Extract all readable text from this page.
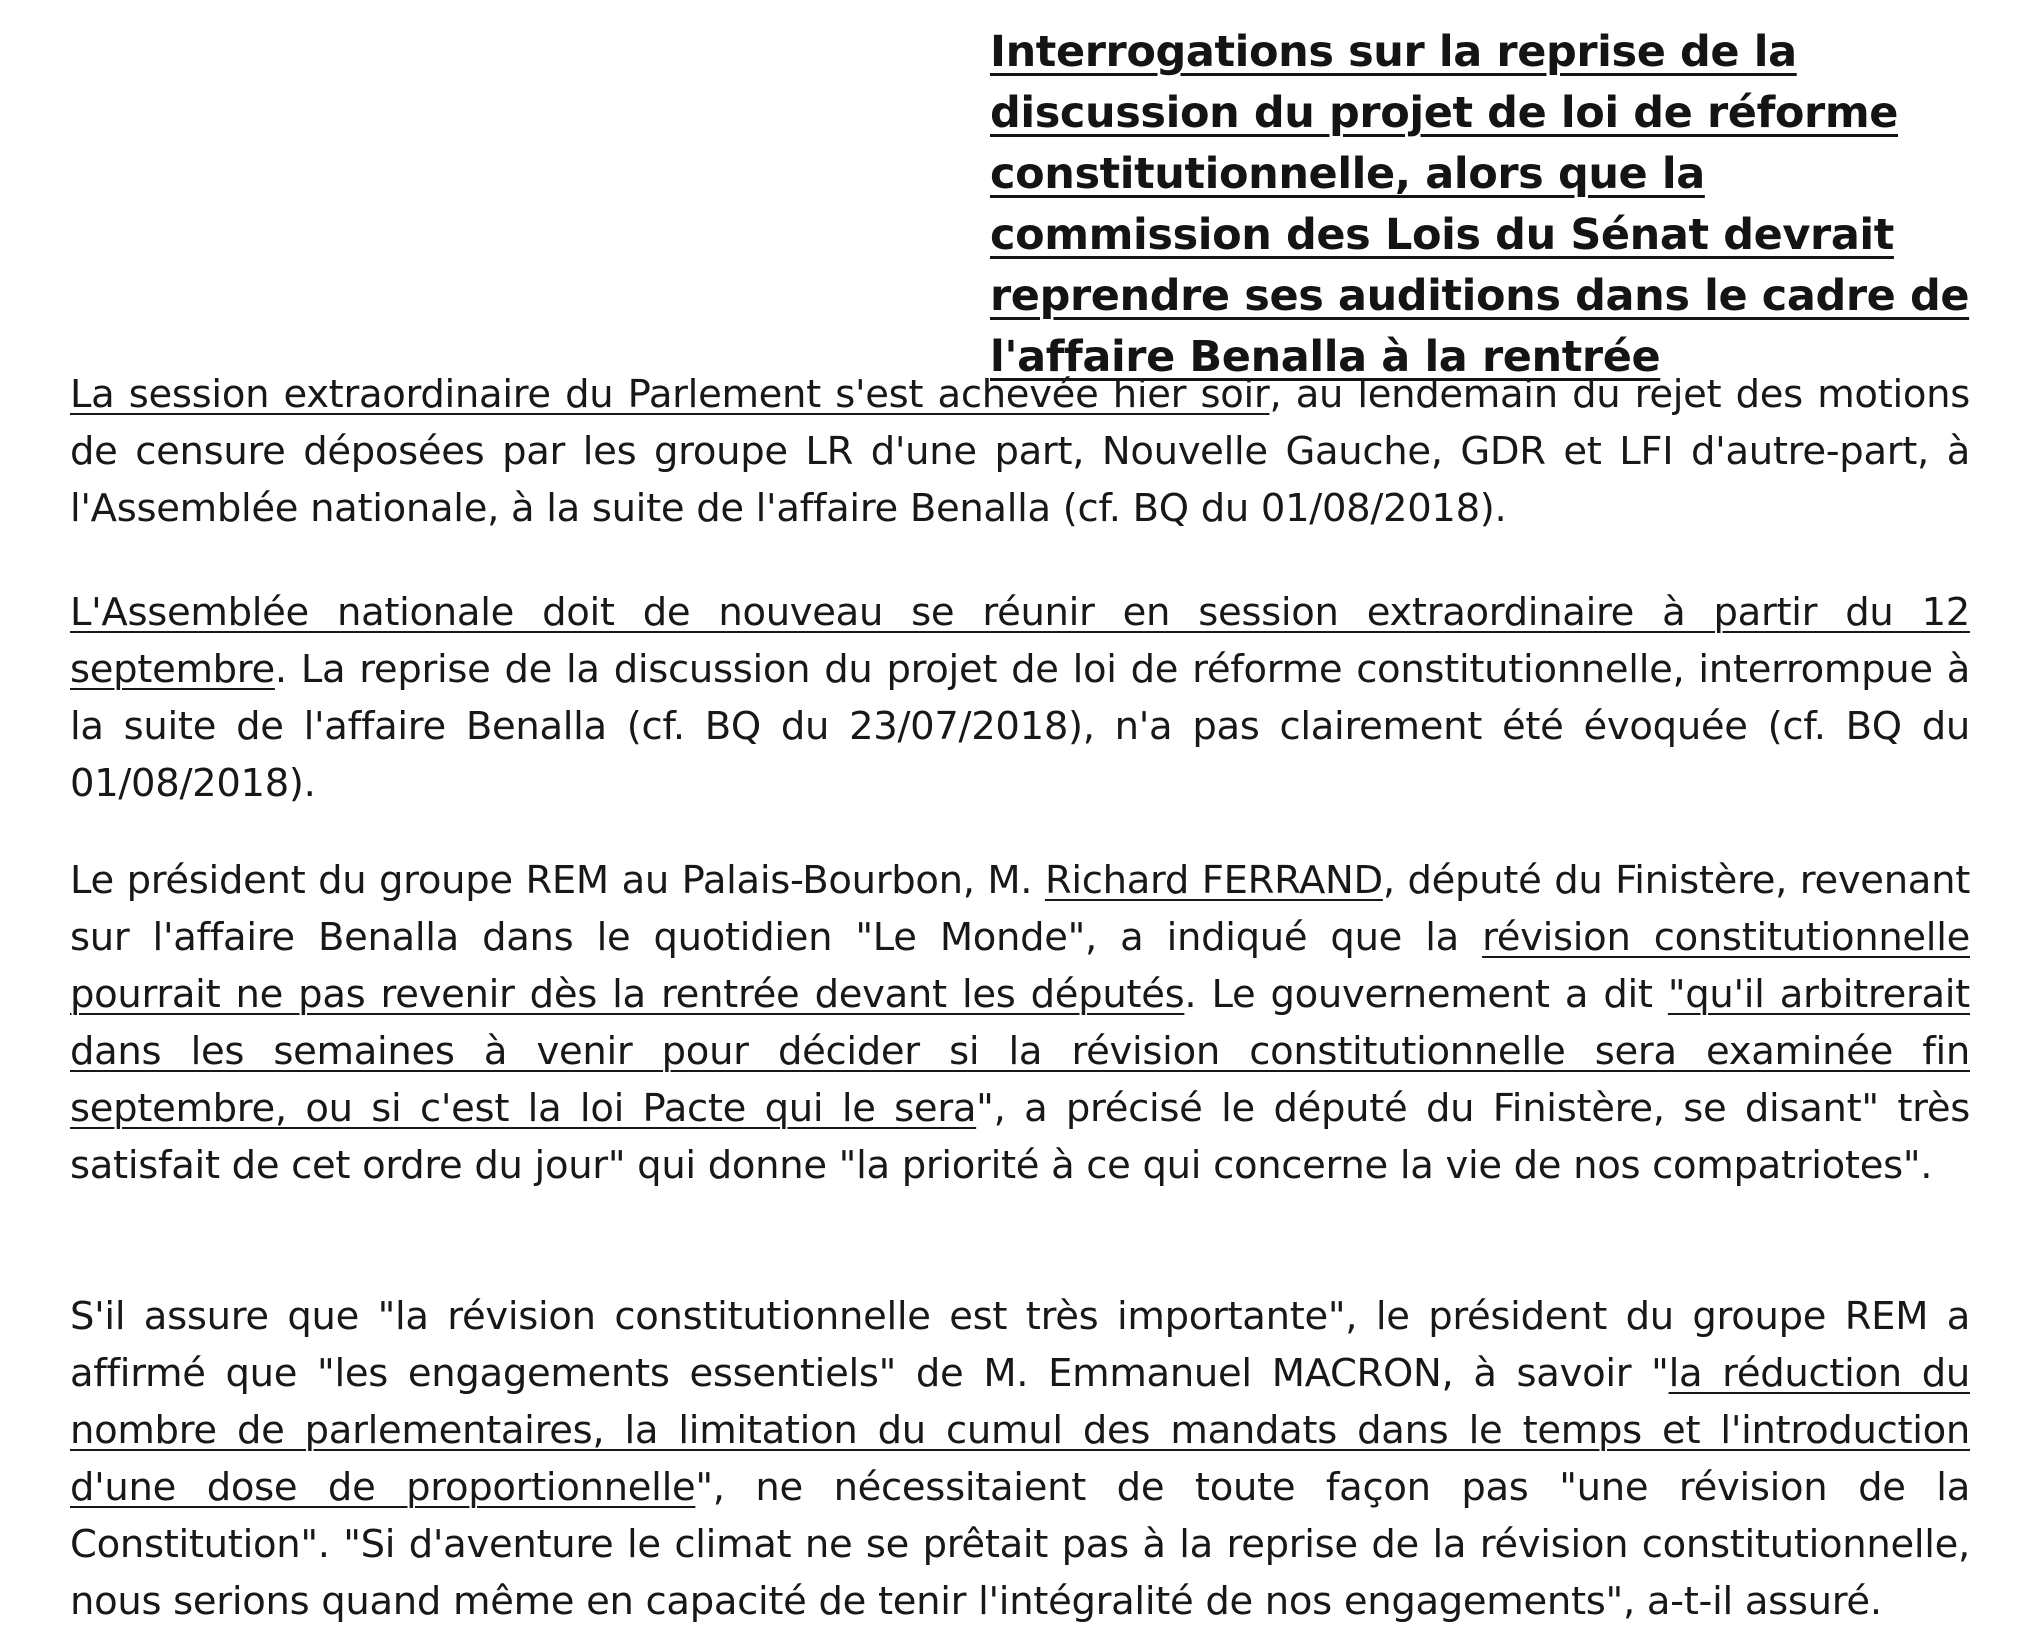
Interrogations sur la reprise de la discussion du projet de loi de réforme constitutionnelle, alors que la commission des Lois du Sénat devrait reprendre ses auditions dans le cadre de l'affaire Benalla à la rentrée

La session extraordinaire du Parlement s'est achevée hier soir, au lendemain du rejet des motions de censure déposées par les groupe LR d'une part, Nouvelle Gauche, GDR et LFI d'autre-part, à l'Assemblée nationale, à la suite de l'affaire Benalla (cf. BQ du 01/08/2018).

L'Assemblée nationale doit de nouveau se réunir en session extraordinaire à partir du 12 septembre. La reprise de la discussion du projet de loi de réforme constitutionnelle, interrompue à la suite de l'affaire Benalla (cf. BQ du 23/07/2018), n'a pas clairement été évoquée (cf. BQ du 01/08/2018).

Le président du groupe REM au Palais-Bourbon, M. Richard FERRAND, député du Finistère, revenant sur l'affaire Benalla dans le quotidien "Le Monde", a indiqué que la révision constitutionnelle pourrait ne pas revenir dès la rentrée devant les députés. Le gouvernement a dit "qu'il arbitrerait dans les semaines à venir pour décider si la révision constitutionnelle sera examinée fin septembre, ou si c'est la loi Pacte qui le sera", a précisé le député du Finistère, se disant" très satisfait de cet ordre du jour" qui donne "la priorité à ce qui concerne la vie de nos compatriotes".

S'il assure que "la révision constitutionnelle est très importante", le président du groupe REM a affirmé que "les engagements essentiels" de M. Emmanuel MACRON, à savoir "la réduction du nombre de parlementaires, la limitation du cumul des mandats dans le temps et l'introduction d'une dose de proportionnelle", ne nécessitaient de toute façon pas "une révision de la Constitution". "Si d'aventure le climat ne se prêtait pas à la reprise de la révision constitutionnelle, nous serions quand même en capacité de tenir l'intégralité de nos engagements", a-t-il assuré.
